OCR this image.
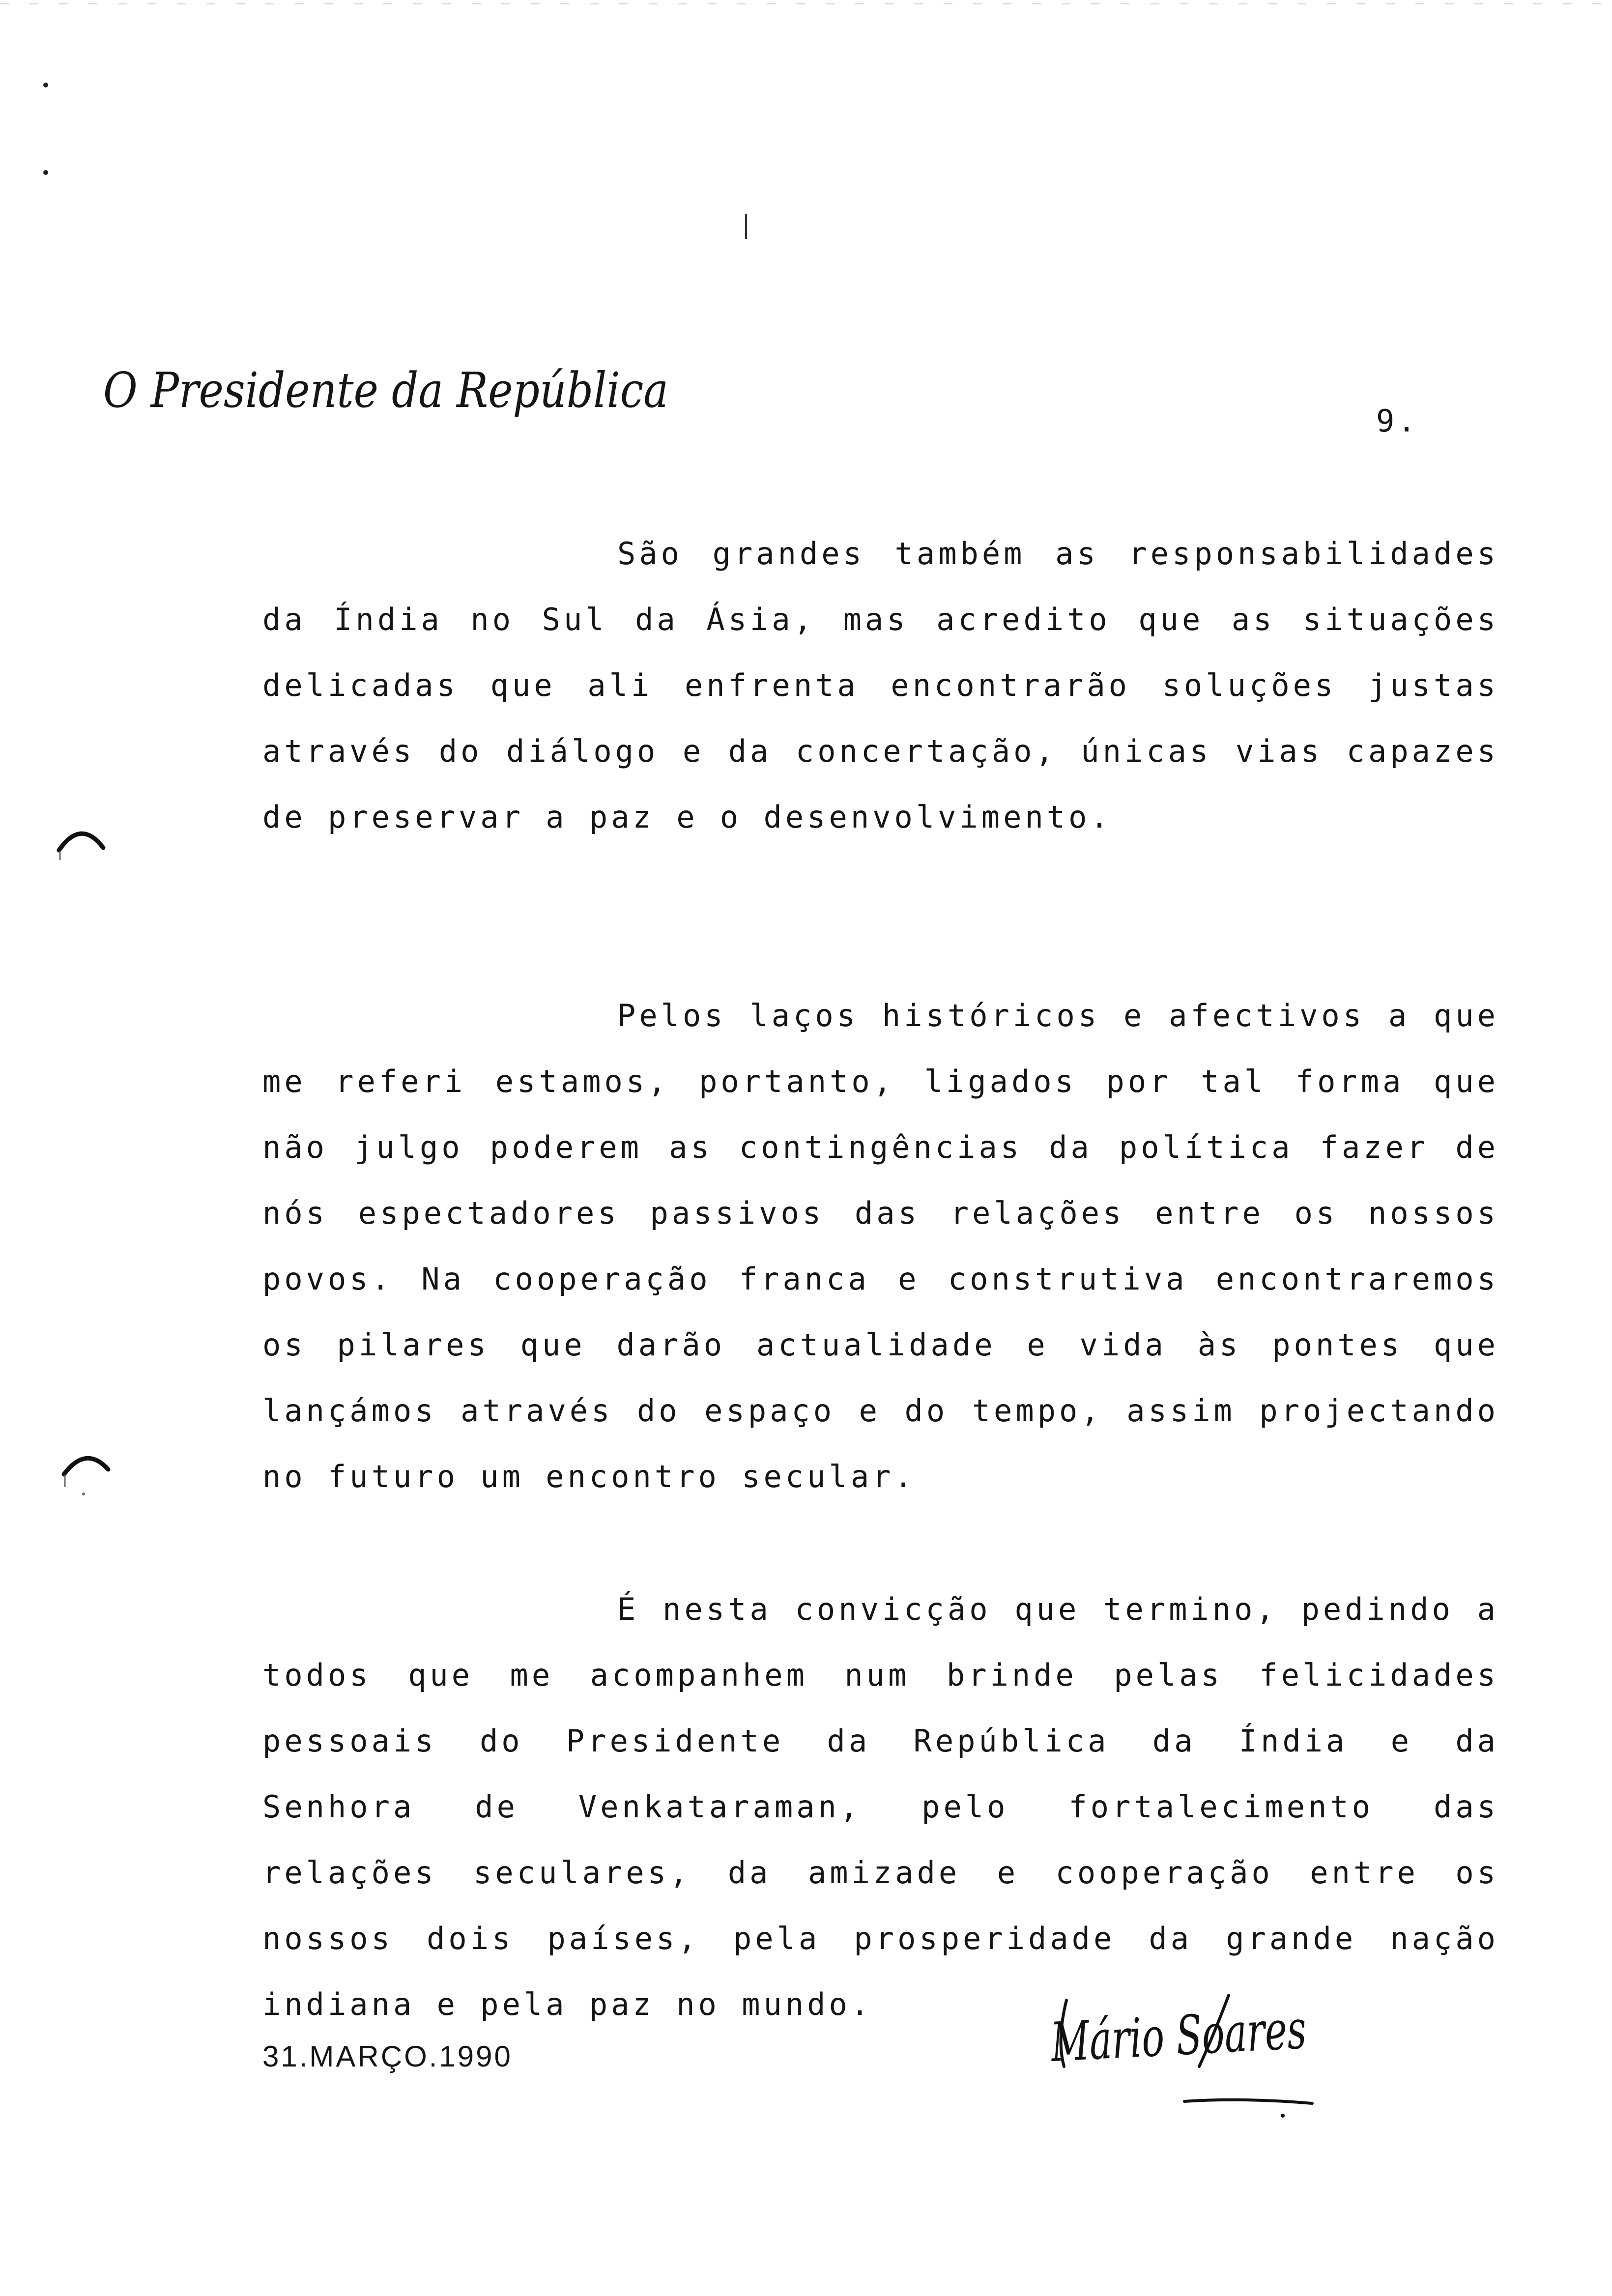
O Presidente da República
9.

São grandes também as responsabilidades da Índia no Sul da Ásia, mas acredito que as situações delicadas que ali enfrenta encontrarão soluções justas através do diálogo e da concertação, únicas vias capazes de preservar a paz e o desenvolvimento.

Pelos laços históricos e afectivos a que me referi estamos, portanto, ligados por tal forma que não julgo poderem as contingências da política fazer de nós espectadores passivos das relações entre os nossos povos. Na cooperação franca e construtiva encontraremos os pilares que darão actualidade e vida às pontes que lançámos através do espaço e do tempo, assim projectando no futuro um encontro secular.

É nesta convicção que termino, pedindo a todos que me acompanhem num brinde pelas felicidades pessoais do Presidente da República da Índia e da Senhora de Venkataraman, pelo fortalecimento das relações seculares, da amizade e cooperação entre os nossos dois países, pela prosperidade da grande nação indiana e pela paz no mundo.

31.MARÇO.1990	Mário Soares
